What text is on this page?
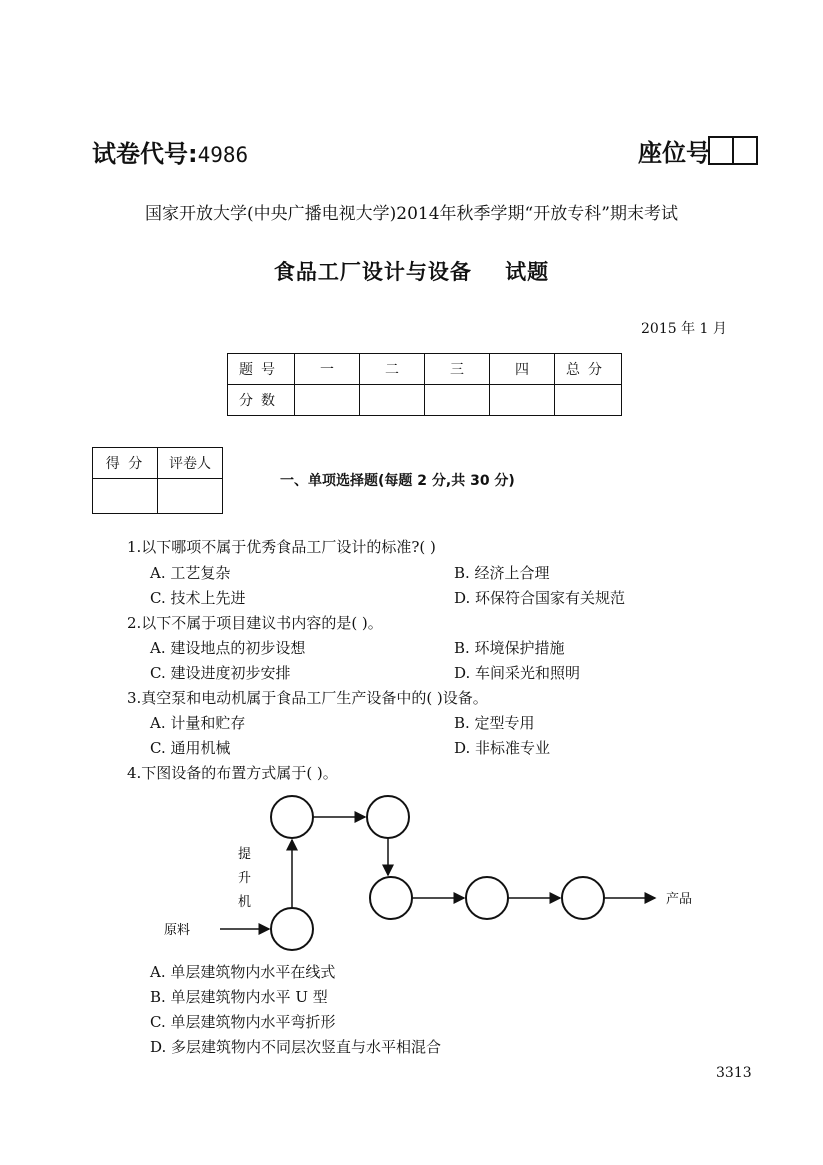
试卷代号:4986	座位号
国家开放大学(中央广播电视大学)2014年秋季学期“开放专科”期末考试
食品工厂设计与设备    试题
2015 年 1 月
题号	一	二	三	四	总分
分数					
得 分	评卷人

一、单项选择题(每题 2 分,共 30 分)
1.以下哪项不属于优秀食品工厂设计的标准?( )
A. 工艺复杂	B. 经济上合理
C. 技术上先进	D. 环保符合国家有关规范
2.以下不属于项目建议书内容的是( )。
A. 建设地点的初步设想	B. 环境保护措施
C. 建设进度初步安排	D. 车间采光和照明
3.真空泵和电动机属于食品工厂生产设备中的( )设备。
A. 计量和贮存	B. 定型专用
C. 通用机械	D. 非标准专业
4.下图设备的布置方式属于( )。
提
升
机
原料
产品
A. 单层建筑物内水平在线式
B. 单层建筑物内水平 U 型
C. 单层建筑物内水平弯折形
D. 多层建筑物内不同层次竖直与水平相混合
3313
